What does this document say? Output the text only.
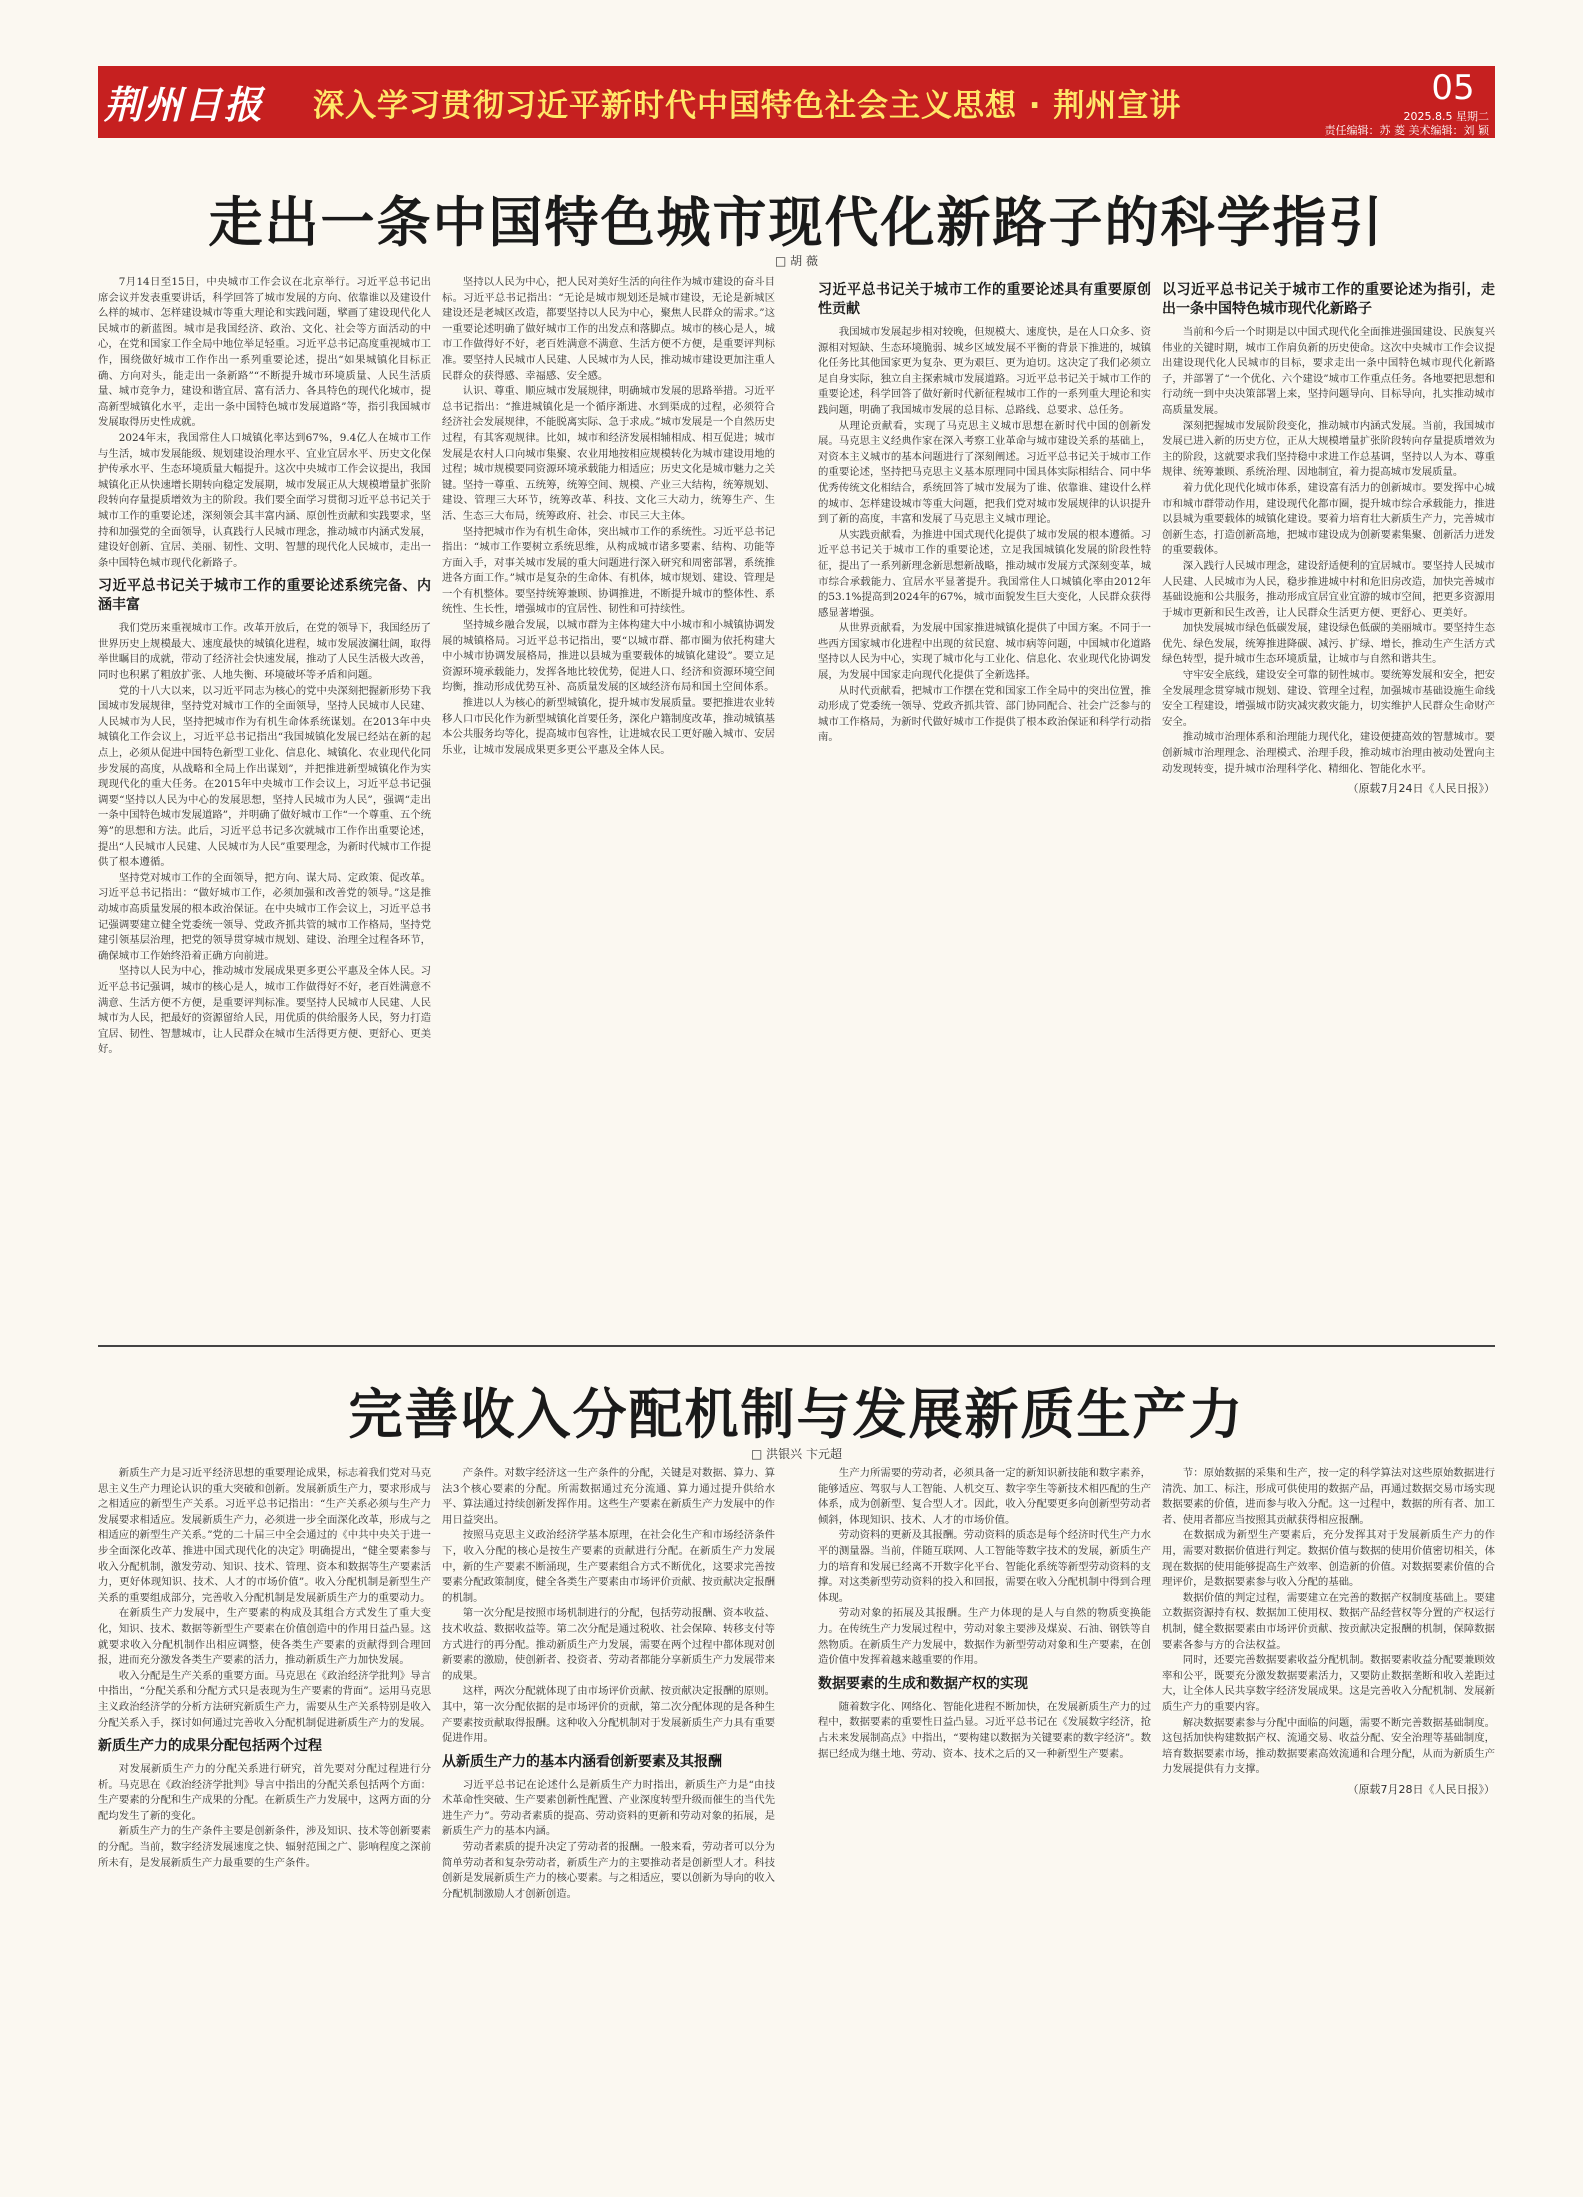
荆州日报 深入学习贯彻习近平新时代中国特色社会主义思想 · 荆州宣讲	05
2025.8.5 星期二
责任编辑：苏 菱 美术编辑：刘 颖
走出一条中国特色城市现代化新路子的科学指引
□ 胡 薇

7月14日至15日，中央城市工作会议在北京举行。习近平总书记出席会议并发表重要讲话，科学回答了城市发展的方向、依靠谁以及建设什么样的城市、怎样建设城市等重大理论和实践问题，擘画了建设现代化人民城市的新蓝图。城市是我国经济、政治、文化、社会等方面活动的中心，在党和国家工作全局中地位举足轻重。习近平总书记高度重视城市工作，围绕做好城市工作作出一系列重要论述，提出“如果城镇化目标正确、方向对头，能走出一条新路”“不断提升城市环境质量、人民生活质量、城市竞争力，建设和谐宜居、富有活力、各具特色的现代化城市，提高新型城镇化水平，走出一条中国特色城市发展道路”等，指引我国城市发展取得历史性成就。

2024年末，我国常住人口城镇化率达到67%，9.4亿人在城市工作与生活，城市发展能级、规划建设治理水平、宜业宜居水平、历史文化保护传承水平、生态环境质量大幅提升。这次中央城市工作会议提出，我国城镇化正从快速增长期转向稳定发展期，城市发展正从大规模增量扩张阶段转向存量提质增效为主的阶段。我们要全面学习贯彻习近平总书记关于城市工作的重要论述，深刻领会其丰富内涵、原创性贡献和实践要求，坚持和加强党的全面领导，认真践行人民城市理念，推动城市内涵式发展，建设好创新、宜居、美丽、韧性、文明、智慧的现代化人民城市，走出一条中国特色城市现代化新路子。

习近平总书记关于城市工作的重要论述系统完备、内涵丰富

我们党历来重视城市工作。改革开放后，在党的领导下，我国经历了世界历史上规模最大、速度最快的城镇化进程，城市发展波澜壮阔，取得举世瞩目的成就，带动了经济社会快速发展，推动了人民生活极大改善，同时也积累了粗放扩张、人地失衡、环境破坏等矛盾和问题。

党的十八大以来，以习近平同志为核心的党中央深刻把握新形势下我国城市发展规律，坚持党对城市工作的全面领导，坚持人民城市人民建、人民城市为人民，坚持把城市作为有机生命体系统谋划。在2013年中央城镇化工作会议上，习近平总书记指出“我国城镇化发展已经站在新的起点上，必须从促进中国特色新型工业化、信息化、城镇化、农业现代化同步发展的高度，从战略和全局上作出谋划”，并把推进新型城镇化作为实现现代化的重大任务。在2015年中央城市工作会议上，习近平总书记强调要“坚持以人民为中心的发展思想，坚持人民城市为人民”，强调“走出一条中国特色城市发展道路”，并明确了做好城市工作“一个尊重、五个统筹”的思想和方法。此后，习近平总书记多次就城市工作作出重要论述，提出“人民城市人民建、人民城市为人民”重要理念，为新时代城市工作提供了根本遵循。

坚持党对城市工作的全面领导，把方向、谋大局、定政策、促改革。习近平总书记指出：“做好城市工作，必须加强和改善党的领导。”这是推动城市高质量发展的根本政治保证。在中央城市工作会议上，习近平总书记强调要建立健全党委统一领导、党政齐抓共管的城市工作格局，坚持党建引领基层治理，把党的领导贯穿城市规划、建设、治理全过程各环节，确保城市工作始终沿着正确方向前进。

坚持以人民为中心，推动城市发展成果更多更公平惠及全体人民。习近平总书记强调，城市的核心是人，城市工作做得好不好，老百姓满意不满意、生活方便不方便，是重要评判标准。要坚持人民城市人民建、人民城市为人民，把最好的资源留给人民，用优质的供给服务人民，努力打造宜居、韧性、智慧城市，让人民群众在城市生活得更方便、更舒心、更美好。

坚持以人民为中心，把人民对美好生活的向往作为城市建设的奋斗目标。习近平总书记指出：“无论是城市规划还是城市建设，无论是新城区建设还是老城区改造，都要坚持以人民为中心，聚焦人民群众的需求。”这一重要论述明确了做好城市工作的出发点和落脚点。城市的核心是人，城市工作做得好不好，老百姓满意不满意、生活方便不方便，是重要评判标准。要坚持人民城市人民建、人民城市为人民，推动城市建设更加注重人民群众的获得感、幸福感、安全感。

认识、尊重、顺应城市发展规律，明确城市发展的思路举措。习近平总书记指出：“推进城镇化是一个循序渐进、水到渠成的过程，必须符合经济社会发展规律，不能脱离实际、急于求成。”城市发展是一个自然历史过程，有其客观规律。比如，城市和经济发展相辅相成、相互促进；城市发展是农村人口向城市集聚、农业用地按相应规模转化为城市建设用地的过程；城市规模要同资源环境承载能力相适应；历史文化是城市魅力之关键。坚持一尊重、五统筹，统筹空间、规模、产业三大结构，统筹规划、建设、管理三大环节，统筹改革、科技、文化三大动力，统筹生产、生活、生态三大布局，统筹政府、社会、市民三大主体。

坚持把城市作为有机生命体，突出城市工作的系统性。习近平总书记指出：“城市工作要树立系统思维，从构成城市诸多要素、结构、功能等方面入手，对事关城市发展的重大问题进行深入研究和周密部署，系统推进各方面工作。”城市是复杂的生命体、有机体，城市规划、建设、管理是一个有机整体。要坚持统筹兼顾、协调推进，不断提升城市的整体性、系统性、生长性，增强城市的宜居性、韧性和可持续性。

坚持城乡融合发展，以城市群为主体构建大中小城市和小城镇协调发展的城镇格局。习近平总书记指出，要“以城市群、都市圈为依托构建大中小城市协调发展格局，推进以县城为重要载体的城镇化建设”。要立足资源环境承载能力，发挥各地比较优势，促进人口、经济和资源环境空间均衡，推动形成优势互补、高质量发展的区域经济布局和国土空间体系。

推进以人为核心的新型城镇化，提升城市发展质量。要把推进农业转移人口市民化作为新型城镇化首要任务，深化户籍制度改革，推动城镇基本公共服务均等化，提高城市包容性，让进城农民工更好融入城市、安居乐业，让城市发展成果更多更公平惠及全体人民。

习近平总书记关于城市工作的重要论述具有重要原创性贡献

我国城市发展起步相对较晚，但规模大、速度快，是在人口众多、资源相对短缺、生态环境脆弱、城乡区域发展不平衡的背景下推进的，城镇化任务比其他国家更为复杂、更为艰巨、更为迫切。这决定了我们必须立足自身实际，独立自主探索城市发展道路。习近平总书记关于城市工作的重要论述，科学回答了做好新时代新征程城市工作的一系列重大理论和实践问题，明确了我国城市发展的总目标、总路线、总要求、总任务。

从理论贡献看，实现了马克思主义城市思想在新时代中国的创新发展。马克思主义经典作家在深入考察工业革命与城市建设关系的基础上，对资本主义城市的基本问题进行了深刻阐述。习近平总书记关于城市工作的重要论述，坚持把马克思主义基本原理同中国具体实际相结合、同中华优秀传统文化相结合，系统回答了城市发展为了谁、依靠谁、建设什么样的城市、怎样建设城市等重大问题，把我们党对城市发展规律的认识提升到了新的高度，丰富和发展了马克思主义城市理论。

从实践贡献看，为推进中国式现代化提供了城市发展的根本遵循。习近平总书记关于城市工作的重要论述，立足我国城镇化发展的阶段性特征，提出了一系列新理念新思想新战略，推动城市发展方式深刻变革，城市综合承载能力、宜居水平显著提升。我国常住人口城镇化率由2012年的53.1%提高到2024年的67%，城市面貌发生巨大变化，人民群众获得感显著增强。

从世界贡献看，为发展中国家推进城镇化提供了中国方案。不同于一些西方国家城市化进程中出现的贫民窟、城市病等问题，中国城市化道路坚持以人民为中心，实现了城市化与工业化、信息化、农业现代化协调发展，为发展中国家走向现代化提供了全新选择。

从时代贡献看，把城市工作摆在党和国家工作全局中的突出位置，推动形成了党委统一领导、党政齐抓共管、部门协同配合、社会广泛参与的城市工作格局，为新时代做好城市工作提供了根本政治保证和科学行动指南。

以习近平总书记关于城市工作的重要论述为指引，走出一条中国特色城市现代化新路子

当前和今后一个时期是以中国式现代化全面推进强国建设、民族复兴伟业的关键时期，城市工作肩负新的历史使命。这次中央城市工作会议提出建设现代化人民城市的目标，要求走出一条中国特色城市现代化新路子，并部署了“一个优化、六个建设”城市工作重点任务。各地要把思想和行动统一到中央决策部署上来，坚持问题导向、目标导向，扎实推动城市高质量发展。

深刻把握城市发展阶段变化，推动城市内涵式发展。当前，我国城市发展已进入新的历史方位，正从大规模增量扩张阶段转向存量提质增效为主的阶段，这就要求我们坚持稳中求进工作总基调，坚持以人为本、尊重规律、统筹兼顾、系统治理、因地制宜，着力提高城市发展质量。

着力优化现代化城市体系，建设富有活力的创新城市。要发挥中心城市和城市群带动作用，建设现代化都市圈，提升城市综合承载能力，推进以县城为重要载体的城镇化建设。要着力培育壮大新质生产力，完善城市创新生态，打造创新高地，把城市建设成为创新要素集聚、创新活力迸发的重要载体。

深入践行人民城市理念，建设舒适便利的宜居城市。要坚持人民城市人民建、人民城市为人民，稳步推进城中村和危旧房改造，加快完善城市基础设施和公共服务，推动形成宜居宜业宜游的城市空间，把更多资源用于城市更新和民生改善，让人民群众生活更方便、更舒心、更美好。

加快发展城市绿色低碳发展，建设绿色低碳的美丽城市。要坚持生态优先、绿色发展，统筹推进降碳、减污、扩绿、增长，推动生产生活方式绿色转型，提升城市生态环境质量，让城市与自然和谐共生。

守牢安全底线，建设安全可靠的韧性城市。要统筹发展和安全，把安全发展理念贯穿城市规划、建设、管理全过程，加强城市基础设施生命线安全工程建设，增强城市防灾减灾救灾能力，切实维护人民群众生命财产安全。

推动城市治理体系和治理能力现代化，建设便捷高效的智慧城市。要创新城市治理理念、治理模式、治理手段，推动城市治理由被动处置向主动发现转变，提升城市治理科学化、精细化、智能化水平。

（原载7月24日《人民日报》）

完善收入分配机制与发展新质生产力
□ 洪银兴 卞元超

新质生产力是习近平经济思想的重要理论成果，标志着我们党对马克思主义生产力理论认识的重大突破和创新。发展新质生产力，要求形成与之相适应的新型生产关系。习近平总书记指出：“生产关系必须与生产力发展要求相适应。发展新质生产力，必须进一步全面深化改革，形成与之相适应的新型生产关系。”党的二十届三中全会通过的《中共中央关于进一步全面深化改革、推进中国式现代化的决定》明确提出，“健全要素参与收入分配机制，激发劳动、知识、技术、管理、资本和数据等生产要素活力，更好体现知识、技术、人才的市场价值”。收入分配机制是新型生产关系的重要组成部分，完善收入分配机制是发展新质生产力的重要动力。

在新质生产力发展中，生产要素的构成及其组合方式发生了重大变化，知识、技术、数据等新型生产要素在价值创造中的作用日益凸显。这就要求收入分配机制作出相应调整，使各类生产要素的贡献得到合理回报，进而充分激发各类生产要素的活力，推动新质生产力加快发展。

收入分配是生产关系的重要方面。马克思在《政治经济学批判》导言中指出，“分配关系和分配方式只是表现为生产要素的背面”。运用马克思主义政治经济学的分析方法研究新质生产力，需要从生产关系特别是收入分配关系入手，探讨如何通过完善收入分配机制促进新质生产力的发展。

新质生产力的成果分配包括两个过程

对发展新质生产力的分配关系进行研究，首先要对分配过程进行分析。马克思在《政治经济学批判》导言中指出的分配关系包括两个方面：生产要素的分配和生产成果的分配。在新质生产力发展中，这两方面的分配均发生了新的变化。

新质生产力的生产条件主要是创新条件，涉及知识、技术等创新要素的分配。当前，数字经济发展速度之快、辐射范围之广、影响程度之深前所未有，是发展新质生产力最重要的生产条件。

产条件。对数字经济这一生产条件的分配，关键是对数据、算力、算法3个核心要素的分配。所需数据通过充分流通、算力通过提升供给水平、算法通过持续创新发挥作用。这些生产要素在新质生产力发展中的作用日益突出。

按照马克思主义政治经济学基本原理，在社会化生产和市场经济条件下，收入分配的核心是按生产要素的贡献进行分配。在新质生产力发展中，新的生产要素不断涌现，生产要素组合方式不断优化，这要求完善按要素分配政策制度，健全各类生产要素由市场评价贡献、按贡献决定报酬的机制。

第一次分配是按照市场机制进行的分配，包括劳动报酬、资本收益、技术收益、数据收益等。第二次分配是通过税收、社会保障、转移支付等方式进行的再分配。推动新质生产力发展，需要在两个过程中都体现对创新要素的激励，使创新者、投资者、劳动者都能分享新质生产力发展带来的成果。

这样，两次分配就体现了由市场评价贡献、按贡献决定报酬的原则。其中，第一次分配依据的是市场评价的贡献，第二次分配体现的是各种生产要素按贡献取得报酬。这种收入分配机制对于发展新质生产力具有重要促进作用。

从新质生产力的基本内涵看创新要素及其报酬

习近平总书记在论述什么是新质生产力时指出，新质生产力是“由技术革命性突破、生产要素创新性配置、产业深度转型升级而催生的当代先进生产力”。劳动者素质的提高、劳动资料的更新和劳动对象的拓展，是新质生产力的基本内涵。

劳动者素质的提升决定了劳动者的报酬。一般来看，劳动者可以分为简单劳动者和复杂劳动者，新质生产力的主要推动者是创新型人才。科技创新是发展新质生产力的核心要素。与之相适应，要以创新为导向的收入分配机制激励人才创新创造。

生产力所需要的劳动者，必须具备一定的新知识新技能和数字素养，能够适应、驾驭与人工智能、人机交互、数字孪生等新技术相匹配的生产体系，成为创新型、复合型人才。因此，收入分配要更多向创新型劳动者倾斜，体现知识、技术、人才的市场价值。

劳动资料的更新及其报酬。劳动资料的质态是每个经济时代生产力水平的测量器。当前，伴随互联网、人工智能等数字技术的发展，新质生产力的培育和发展已经离不开数字化平台、智能化系统等新型劳动资料的支撑。对这类新型劳动资料的投入和回报，需要在收入分配机制中得到合理体现。

劳动对象的拓展及其报酬。生产力体现的是人与自然的物质变换能力。在传统生产力发展过程中，劳动对象主要涉及煤炭、石油、钢铁等自然物质。在新质生产力发展中，数据作为新型劳动对象和生产要素，在创造价值中发挥着越来越重要的作用。

数据要素的生成和数据产权的实现

随着数字化、网络化、智能化进程不断加快，在发展新质生产力的过程中，数据要素的重要性日益凸显。习近平总书记在《发展数字经济，抢占未来发展制高点》中指出，“要构建以数据为关键要素的数字经济”。数据已经成为继土地、劳动、资本、技术之后的又一种新型生产要素。

节：原始数据的采集和生产，按一定的科学算法对这些原始数据进行清洗、加工、标注，形成可供使用的数据产品，再通过数据交易市场实现数据要素的价值，进而参与收入分配。这一过程中，数据的所有者、加工者、使用者都应当按照其贡献获得相应报酬。

在数据成为新型生产要素后，充分发挥其对于发展新质生产力的作用，需要对数据价值进行判定。数据价值与数据的使用价值密切相关，体现在数据的使用能够提高生产效率、创造新的价值。对数据要素价值的合理评价，是数据要素参与收入分配的基础。

数据价值的判定过程，需要建立在完善的数据产权制度基础上。要建立数据资源持有权、数据加工使用权、数据产品经营权等分置的产权运行机制，健全数据要素由市场评价贡献、按贡献决定报酬的机制，保障数据要素各参与方的合法权益。

同时，还要完善数据要素收益分配机制。数据要素收益分配要兼顾效率和公平，既要充分激发数据要素活力，又要防止数据垄断和收入差距过大，让全体人民共享数字经济发展成果。这是完善收入分配机制、发展新质生产力的重要内容。

解决数据要素参与分配中面临的问题，需要不断完善数据基础制度。这包括加快构建数据产权、流通交易、收益分配、安全治理等基础制度，培育数据要素市场，推动数据要素高效流通和合理分配，从而为新质生产力发展提供有力支撑。

（原载7月28日《人民日报》）
